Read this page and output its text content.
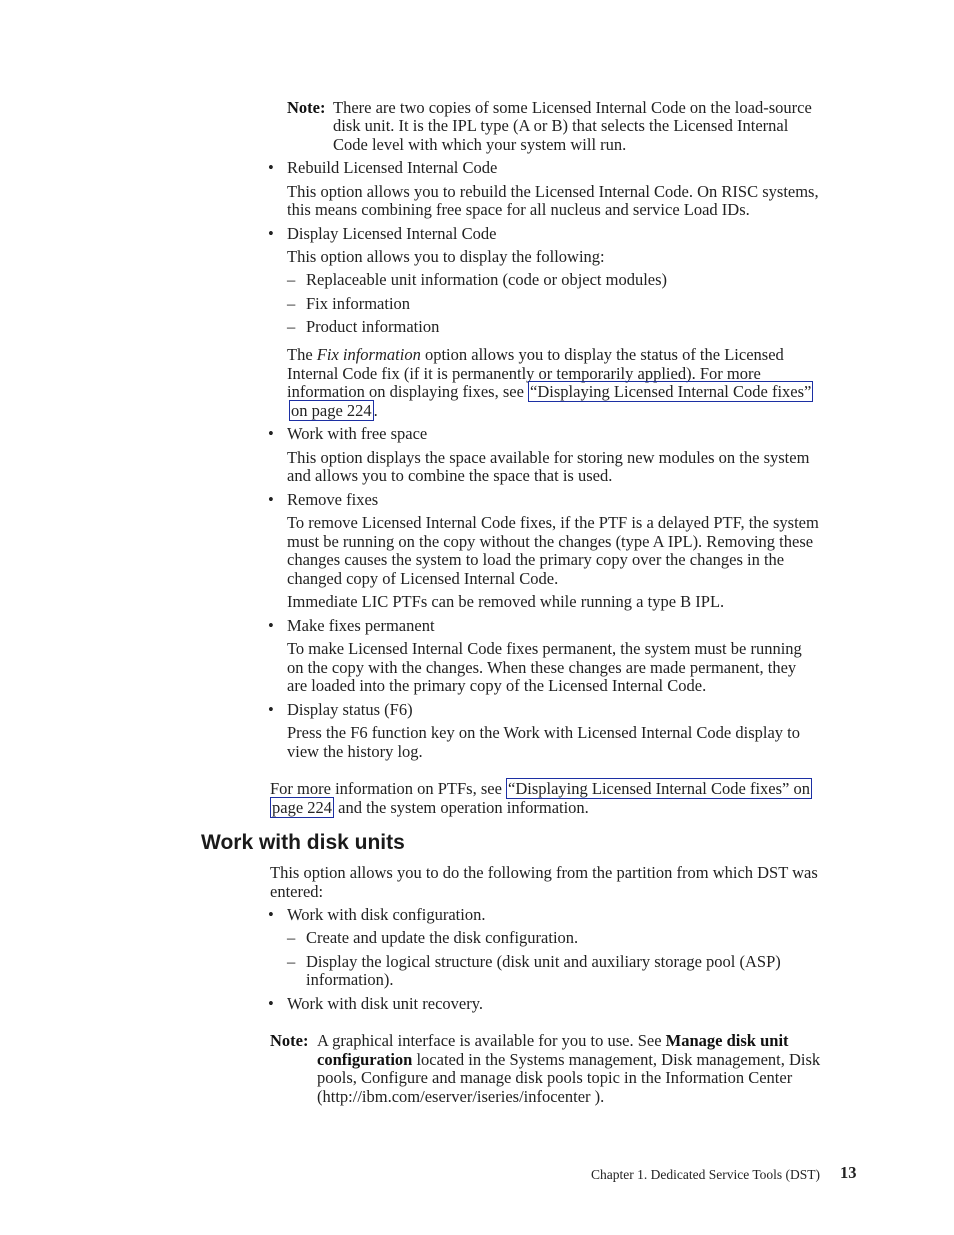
Note: There are two copies of some Licensed Internal Code on the load-source
disk unit. It is the IPL type (A or B) that selects the Licensed Internal
Code level with which your system will run.
• Rebuild Licensed Internal Code
This option allows you to rebuild the Licensed Internal Code. On RISC systems,
this means combining free space for all nucleus and service Load IDs.
• Display Licensed Internal Code
This option allows you to display the following:
– Replaceable unit information (code or object modules)
– Fix information
– Product information
The Fix information option allows you to display the status of the Licensed
Internal Code fix (if it is permanently or temporarily applied). For more
information on displaying fixes, see “Displaying Licensed Internal Code fixes”
on page 224 .
• Work with free space
This option displays the space available for storing new modules on the system
and allows you to combine the space that is used.
• Remove fixes
To remove Licensed Internal Code fixes, if the PTF is a delayed PTF, the system
must be running on the copy without the changes (type A IPL). Removing these
changes causes the system to load the primary copy over the changes in the
changed copy of Licensed Internal Code.
Immediate LIC PTFs can be removed while running a type B IPL.
• Make fixes permanent
To make Licensed Internal Code fixes permanent, the system must be running
on the copy with the changes. When these changes are made permanent, they
are loaded into the primary copy of the Licensed Internal Code.
• Display status (F6)
Press the F6 function key on the Work with Licensed Internal Code display to
view the history log.
For more information on PTFs, see “Displaying Licensed Internal Code fixes” on
page 224 and the system operation information.
Work with disk units
This option allows you to do the following from the partition from which DST was
entered:
• Work with disk configuration.
– Create and update the disk configuration.
– Display the logical structure (disk unit and auxiliary storage pool (ASP)
information).
• Work with disk unit recovery.
Note: A graphical interface is available for you to use. See Manage disk unit
configuration located in the Systems management, Disk management, Disk
pools, Configure and manage disk pools topic in the Information Center
(http://ibm.com/eserver/iseries/infocenter ).
Chapter 1. Dedicated Service Tools (DST) 13
